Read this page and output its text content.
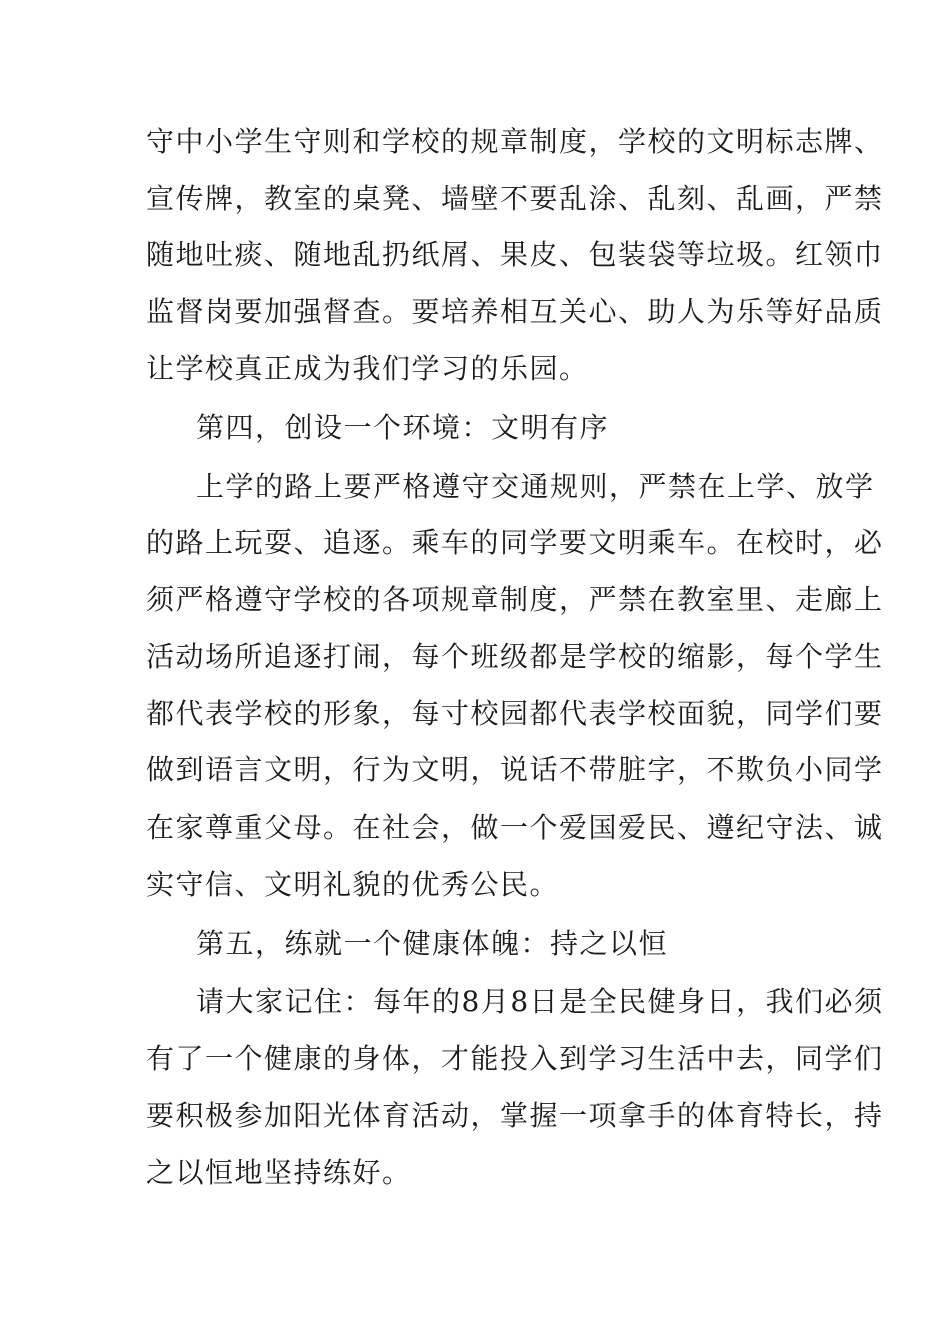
守中小学生守则和学校的规章制度，学校的文明标志牌、
宣传牌，教室的桌凳、墙壁不要乱涂、乱刻、乱画，严禁
随地吐痰、随地乱扔纸屑、果皮、包装袋等垃圾。红领巾
监督岗要加强督查。要培养相互关心、助人为乐等好品质
让学校真正成为我们学习的乐园。
第四，创设一个环境：文明有序
上学的路上要严格遵守交通规则，严禁在上学、放学
的路上玩耍、追逐。乘车的同学要文明乘车。在校时，必
须严格遵守学校的各项规章制度，严禁在教室里、走廊上
活动场所追逐打闹，每个班级都是学校的缩影，每个学生
都代表学校的形象，每寸校园都代表学校面貌，同学们要
做到语言文明，行为文明，说话不带脏字，不欺负小同学
在家尊重父母。在社会，做一个爱国爱民、遵纪守法、诚
实守信、文明礼貌的优秀公民。
第五，练就一个健康体魄：持之以恒
请大家记住：每年的8月8日是全民健身日，我们必须
有了一个健康的身体，才能投入到学习生活中去，同学们
要积极参加阳光体育活动，掌握一项拿手的体育特长，持
之以恒地坚持练好。
